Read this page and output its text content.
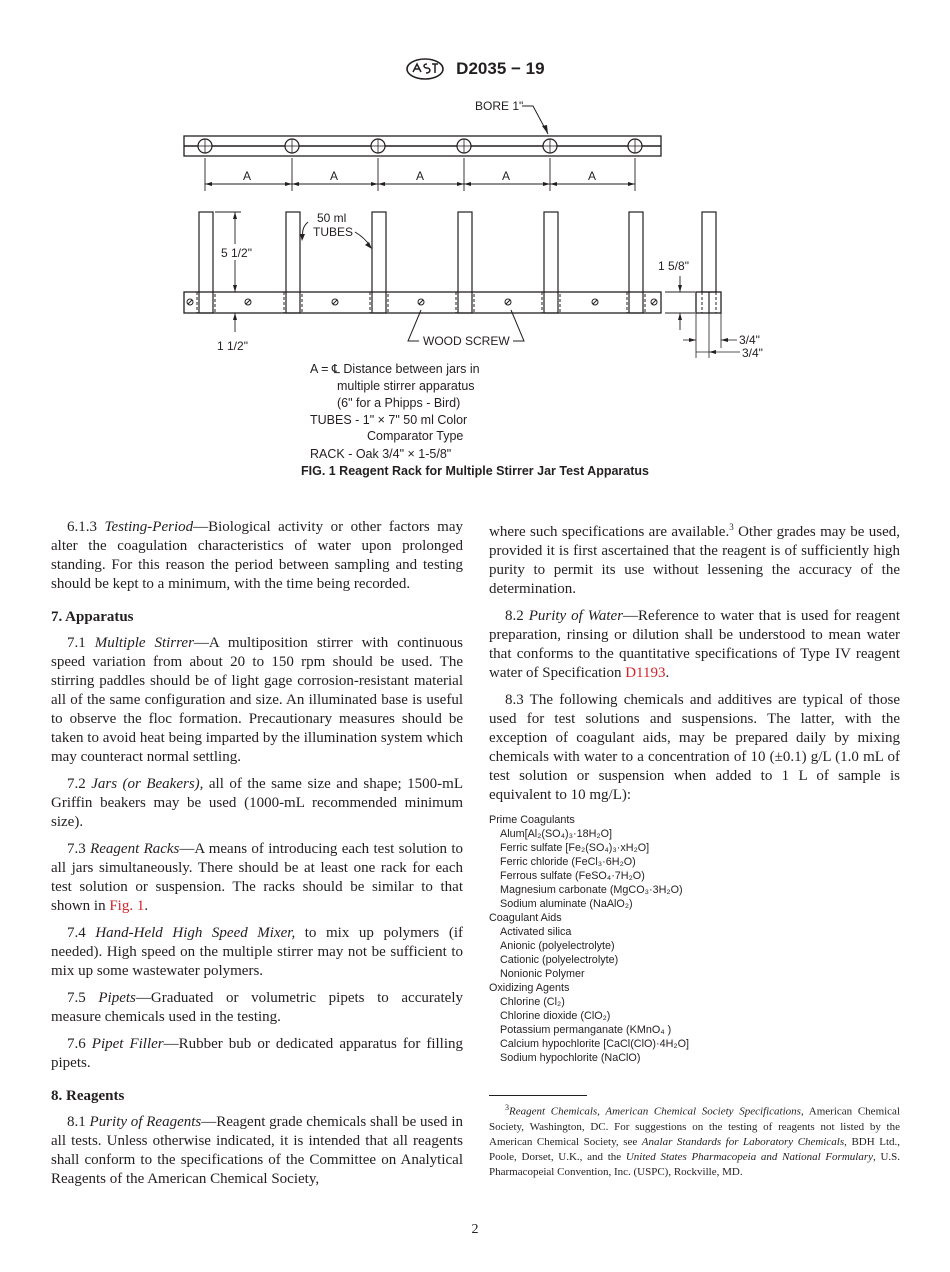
D2035 − 19
BORE 1"
A	A	A	A	A
5 1/2"
50 ml
TUBES
1 1/2"	WOOD SCREW
1 5/8"
3/4"
3/4"
A = ℄ Distance between jars in
multiple stirrer apparatus
(6" for a Phipps - Bird)
TUBES - 1" × 7" 50 ml Color
Comparator Type
RACK - Oak 3/4" × 1-5/8"
FIG. 1 Reagent Rack for Multiple Stirrer Jar Test Apparatus

6.1.3 Testing-Period—Biological activity or other factors may alter the coagulation characteristics of water upon prolonged standing. For this reason the period between sampling and testing should be kept to a minimum, with the time being recorded.

7. Apparatus

7.1 Multiple Stirrer—A multiposition stirrer with continuous speed variation from about 20 to 150 rpm should be used. The stirring paddles should be of light gage corrosion-resistant material all of the same configuration and size. An illuminated base is useful to observe the floc formation. Precautionary measures should be taken to avoid heat being imparted by the illumination system which may counteract normal settling.

7.2 Jars (or Beakers), all of the same size and shape; 1500-mL Griffin beakers may be used (1000-mL recommended minimum size).

7.3 Reagent Racks—A means of introducing each test solution to all jars simultaneously. There should be at least one rack for each test solution or suspension. The racks should be similar to that shown in Fig. 1.

7.4 Hand-Held High Speed Mixer, to mix up polymers (if needed). High speed on the multiple stirrer may not be sufficient to mix up some wastewater polymers.

7.5 Pipets—Graduated or volumetric pipets to accurately measure chemicals used in the testing.

7.6 Pipet Filler—Rubber bub or dedicated apparatus for filling pipets.

8. Reagents

8.1 Purity of Reagents—Reagent grade chemicals shall be used in all tests. Unless otherwise indicated, it is intended that all reagents shall conform to the specifications of the Committee on Analytical Reagents of the American Chemical Society,

where such specifications are available.$^3$ Other grades may be used, provided it is first ascertained that the reagent is of sufficiently high purity to permit its use without lessening the accuracy of the determination.

8.2 Purity of Water—Reference to water that is used for reagent preparation, rinsing or dilution shall be understood to mean water that conforms to the quantitative specifications of Type IV reagent water of Specification D1193.

8.3 The following chemicals and additives are typical of those used for test solutions and suspensions. The latter, with the exception of coagulant aids, may be prepared daily by mixing chemicals with water to a concentration of 10 (±0.1) g/L (1.0 mL of test solution or suspension when added to 1 L of sample is equivalent to 10 mg/L):

Prime Coagulants
Alum[Al₂(SO₄)₃·18H₂O]
Ferric sulfate [Fe₂(SO₄)₃·xH₂O]
Ferric chloride (FeCl₃·6H₂O)
Ferrous sulfate (FeSO₄·7H₂O)
Magnesium carbonate (MgCO₃·3H₂O)
Sodium aluminate (NaAlO₂)
Coagulant Aids
Activated silica
Anionic (polyelectrolyte)
Cationic (polyelectrolyte)
Nonionic Polymer
Oxidizing Agents
Chlorine (Cl₂)
Chlorine dioxide (ClO₂)
Potassium permanganate (KMnO₄ )
Calcium hypochlorite [CaCl(ClO)·4H₂O]
Sodium hypochlorite (NaClO)
$^3$Reagent Chemicals, American Chemical Society Specifications, American Chemical Society, Washington, DC. For suggestions on the testing of reagents not listed by the American Chemical Society, see Analar Standards for Laboratory Chemicals, BDH Ltd., Poole, Dorset, U.K., and the United States Pharmacopeia and National Formulary, U.S. Pharmacopeial Convention, Inc. (USPC), Rockville, MD.
2
